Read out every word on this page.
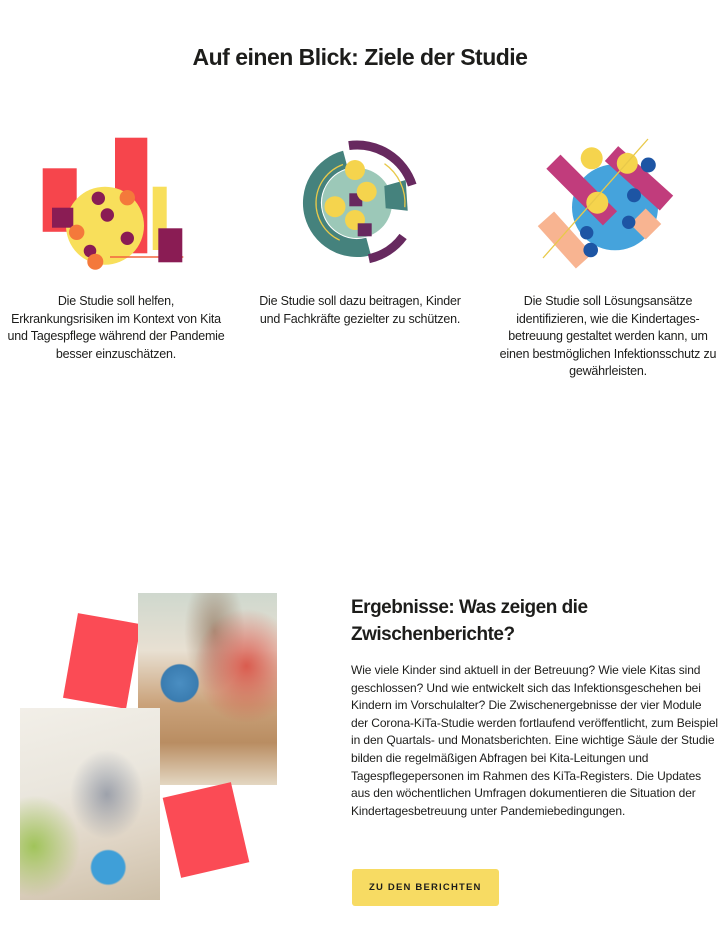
Auf einen Blick: Ziele der Studie

Die Studie soll helfen, Erkrankungsrisiken im Kontext von Kita und Tagespflege während der Pandemie besser einzuschätzen.

Die Studie soll dazu beitragen, Kinder und Fachkräfte gezielter zu schützen.

Die Studie soll Lösungsansätze identifizieren, wie die Kindertagesbetreuung gestaltet werden kann, um einen bestmöglichen Infektionsschutz zu gewährleisten.

Ergebnisse: Was zeigen die Zwischenberichte?

Wie viele Kinder sind aktuell in der Betreuung? Wie viele Kitas sind geschlossen? Und wie entwickelt sich das Infektionsgeschehen bei Kindern im Vorschulalter? Die Zwischenergebnisse der vier Module der Corona-KiTa-Studie werden fortlaufend veröffentlicht, zum Beispiel in den Quartals- und Monatsberichten. Eine wichtige Säule der Studie bilden die regelmäßigen Abfragen bei Kita-Leitungen und Tagespflegepersonen im Rahmen des KiTa-Registers. Die Updates aus den wöchentlichen Umfragen dokumentieren die Situation der Kindertagesbetreuung unter Pandemiebedingungen.

ZU DEN BERICHTEN
